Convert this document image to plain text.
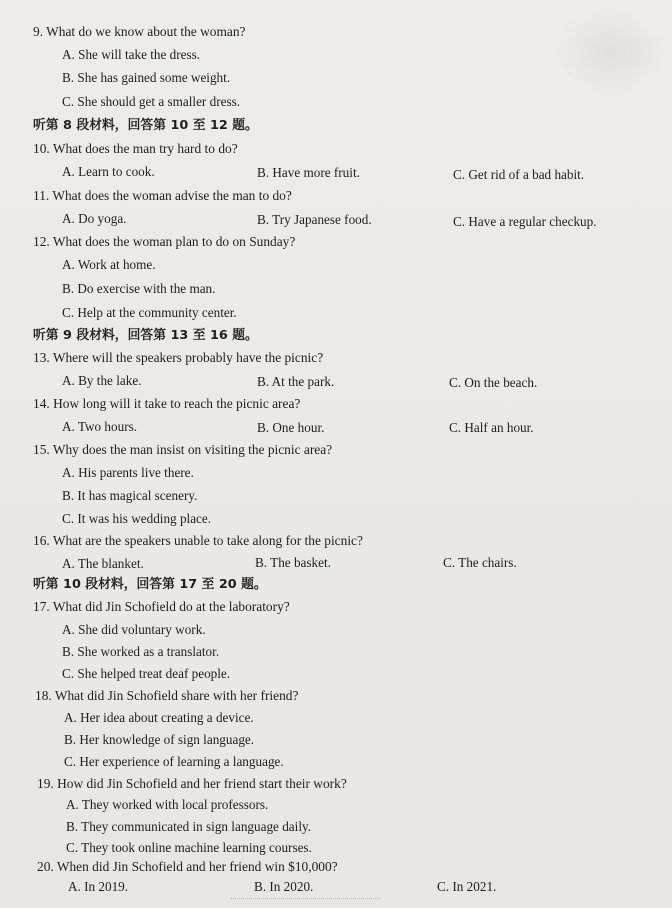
9. What do we know about the woman?
A. She will take the dress.
B. She has gained some weight.
C. She should get a smaller dress.
听第 8 段材料，回答第 10 至 12 题。
10. What does the man try hard to do?
A. Learn to cook.	B. Have more fruit.	C. Get rid of a bad habit.
11. What does the woman advise the man to do?
A. Do yoga.	B. Try Japanese food.	C. Have a regular checkup.
12. What does the woman plan to do on Sunday?
A. Work at home.
B. Do exercise with the man.
C. Help at the community center.
听第 9 段材料，回答第 13 至 16 题。
13. Where will the speakers probably have the picnic?
A. By the lake.	B. At the park.	C. On the beach.
14. How long will it take to reach the picnic area?
A. Two hours.	B. One hour.	C. Half an hour.
15. Why does the man insist on visiting the picnic area?
A. His parents live there.
B. It has magical scenery.
C. It was his wedding place.
16. What are the speakers unable to take along for the picnic?
A. The blanket.	B. The basket.	C. The chairs.
听第 10 段材料，回答第 17 至 20 题。
17. What did Jin Schofield do at the laboratory?
A. She did voluntary work.
B. She worked as a translator.
C. She helped treat deaf people.
18. What did Jin Schofield share with her friend?
A. Her idea about creating a device.
B. Her knowledge of sign language.
C. Her experience of learning a language.
19. How did Jin Schofield and her friend start their work?
A. They worked with local professors.
B. They communicated in sign language daily.
C. They took online machine learning courses.
20. When did Jin Schofield and her friend win $10,000?
A. In 2019.	B. In 2020.	C. In 2021.
